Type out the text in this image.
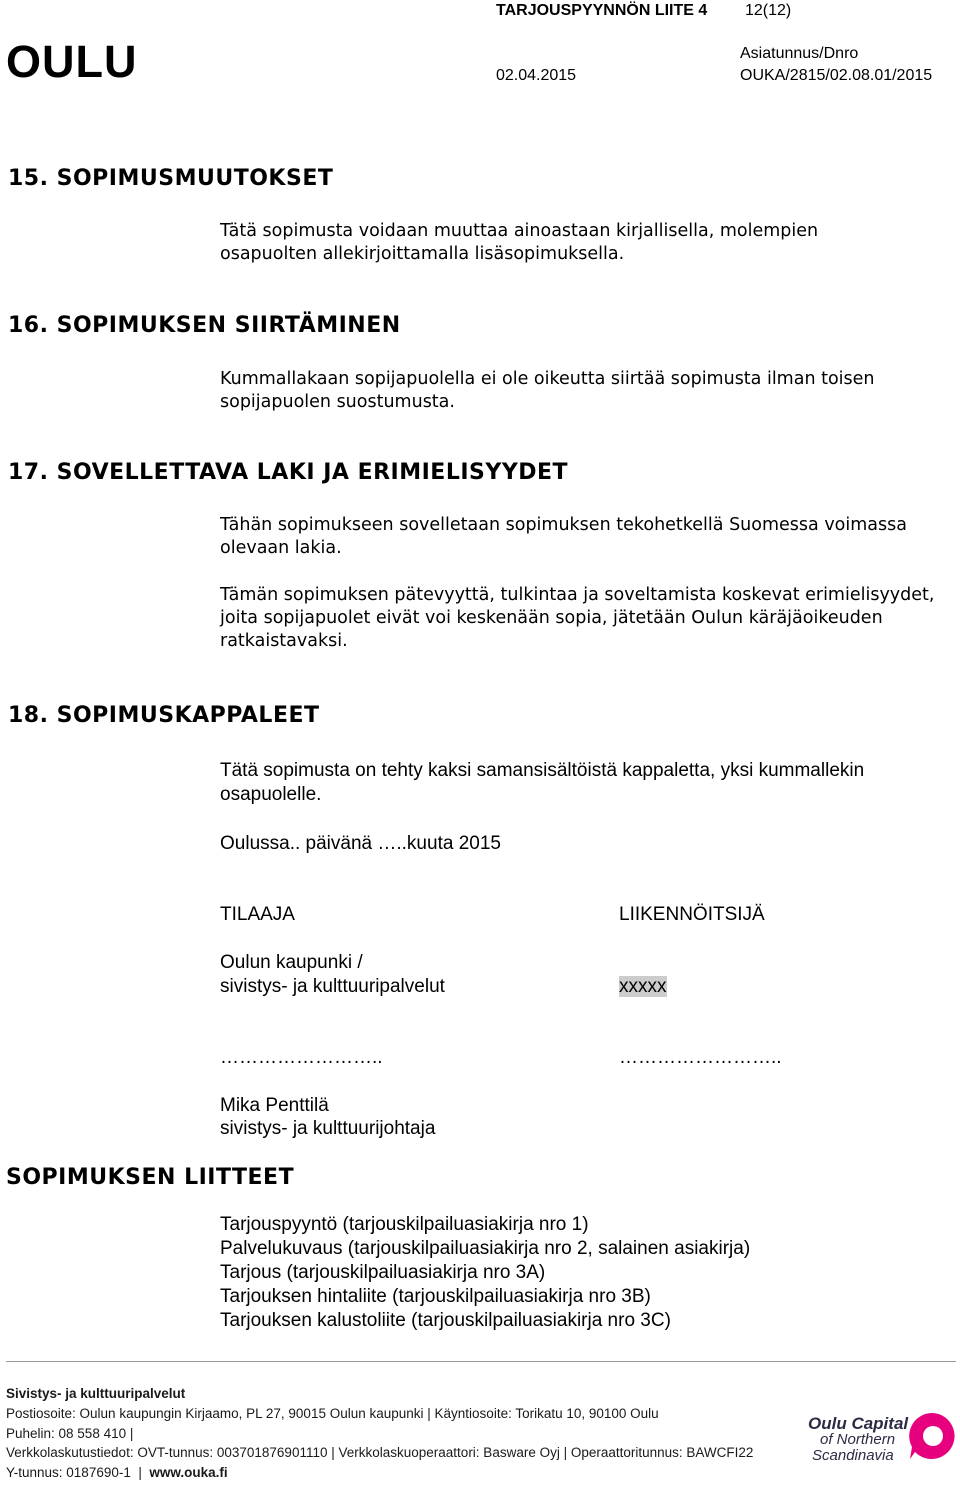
TARJOUSPYYNNÖN LIITE 4 12(12)
OULU	02.04.2015
Asiatunnus/Dnro
OUKA/2815/02.08.01/2015
15. SOPIMUSMUUTOKSET
Tätä sopimusta voidaan muuttaa ainoastaan kirjallisella, molempien osapuolten allekirjoittamalla lisäsopimuksella.
16. SOPIMUKSEN SIIRTÄMINEN
Kummallakaan sopijapuolella ei ole oikeutta siirtää sopimusta ilman toisen sopijapuolen suostumusta.
17. SOVELLETTAVA LAKI JA ERIMIELISYYDET
Tähän sopimukseen sovelletaan sopimuksen tekohetkellä Suomessa voimassa olevaan lakia.
Tämän sopimuksen pätevyyttä, tulkintaa ja soveltamista koskevat erimielisyydet, joita sopijapuolet eivät voi keskenään sopia, jätetään Oulun käräjäoikeuden ratkaistavaksi.
18. SOPIMUSKAPPALEET
Tätä sopimusta on tehty kaksi samansisältöistä kappaletta, yksi kummallekin osapuolelle.
Oulussa.. päivänä …..kuuta 2015
TILAAJA	LIIKENNÖITSIJÄ
Oulun kaupunki /
sivistys- ja kulttuuripalvelut	xxxxx
……………………..	……………………..
Mika Penttilä
sivistys- ja kulttuurijohtaja
SOPIMUKSEN LIITTEET
Tarjouspyyntö (tarjouskilpailuasiakirja nro 1)
Palvelukuvaus (tarjouskilpailuasiakirja nro 2, salainen asiakirja)
Tarjous (tarjouskilpailuasiakirja nro 3A)
Tarjouksen hintaliite (tarjouskilpailuasiakirja nro 3B)
Tarjouksen kalustoliite (tarjouskilpailuasiakirja nro 3C)
Sivistys- ja kulttuuripalvelut
Postiosoite: Oulun kaupungin Kirjaamo, PL 27, 90015 Oulun kaupunki | Käyntiosoite: Torikatu 10, 90100 Oulu
Puhelin: 08 558 410 |
Verkkolaskutustiedot: OVT-tunnus: 003701876901110 | Verkkolaskuoperaattori: Basware Oyj | Operaattoritunnus: BAWCFI22
Y-tunnus: 0187690-1  |  www.ouka.fi
Oulu Capital
of Northern
Scandinavia
